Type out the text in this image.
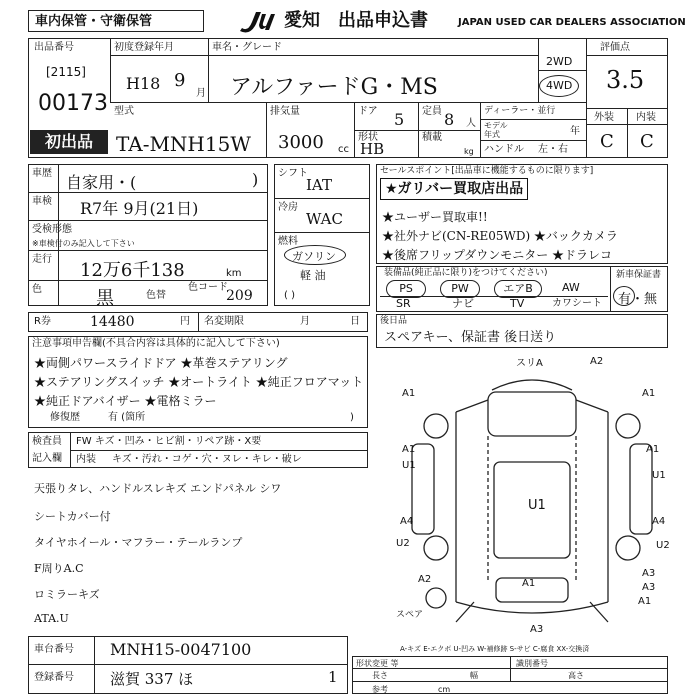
車内保管・守衛保管	愛知 出品申込書	JAPAN USED CAR DEALERS ASSOCIATION
出品番号
[2115]
00173
初出品
初度登録年月
H18 9
月
車名・グレード
アルファードG・MS
2WD
4WD
評価点
3.5
外装 内装
C C
型式
TA-MNH15W
排気量
3000 cc
ドア 5
形状
HB
定員 8 人
積載
kg
ディーラー・並行
モデル
年式	年
ハンドル 左・右
車歴 自家用・(	)
車検 R7年 9月(21日)
受検形態
※車検付のみ記入して下さい
走行
12万6千138	km
色	黒	色替
色コード
209
シフト
IAT
冷房
WAC
燃料
ガソリン
軽 油
( )
セールスポイント[出品車に機能するものに限ります]
★ガリバー買取店出品
★ユーザー買取車!!
★社外ナビ(CN-RE05WD) ★バックカメラ
★後席フリップダウンモニター ★ドラレコ
装備品(純正品に限り)をつけてください)
PS	PW	エアB	AW
SR	ナビ	TV	カワシート
新車保証書
有・無
R券	14480	円 名変期限	月	日 後日品
スペアキー、保証書 後日送り
注意事項申告欄(不具合内容は具体的に記入して下さい)
★両側パワースライドドア ★革巻ステアリング
★ステアリングスイッチ ★オートライト ★純正フロアマット
★純正ドアバイザー ★電格ミラー
修復歴	有 (箇所	)
検査員
記入欄
FW キズ・凹み・ヒビ割・リペア跡・X要
内装 キズ・汚れ・コゲ・穴・ヌレ・キレ・破レ
天張りタレ、ハンドルスレキズ エンドパネル シワ
シートカバー付
タイヤホイール・マフラー・テールランプ
F周りA.C
ロミラーキズ
ATA.U
スリA	A2
A1	A1
A1	A1
U1
U1
U1
A4	A4
U2	U2
A2	A1
A3
A3
A1
スペア
A3
A-キズ E-エクボ U-凹み W-補修跡 S-サビ C-腐食 XX-交換済
車台番号 MNH15-0047100
登録番号 滋賀 337 ほ	1
形状変更 等	識別番号
長さ	幅	高さ
参考	cm
